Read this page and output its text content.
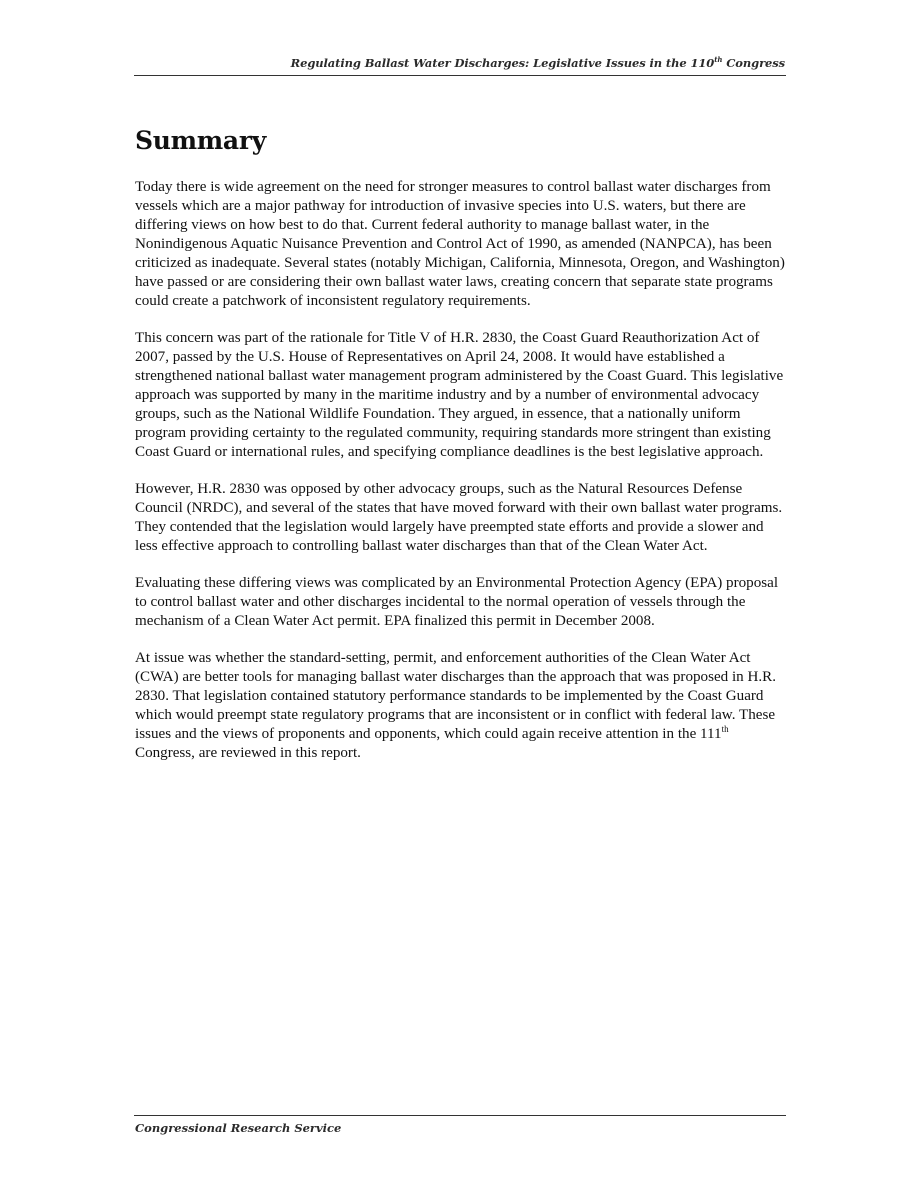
Regulating Ballast Water Discharges: Legislative Issues in the 110th Congress
Summary

Today there is wide agreement on the need for stronger measures to control ballast water discharges from vessels which are a major pathway for introduction of invasive species into U.S. waters, but there are differing views on how best to do that. Current federal authority to manage ballast water, in the Nonindigenous Aquatic Nuisance Prevention and Control Act of 1990, as amended (NANPCA), has been criticized as inadequate. Several states (notably Michigan, California, Minnesota, Oregon, and Washington) have passed or are considering their own ballast water laws, creating concern that separate state programs could create a patchwork of inconsistent regulatory requirements.

This concern was part of the rationale for Title V of H.R. 2830, the Coast Guard Reauthorization Act of 2007, passed by the U.S. House of Representatives on April 24, 2008. It would have established a strengthened national ballast water management program administered by the Coast Guard. This legislative approach was supported by many in the maritime industry and by a number of environmental advocacy groups, such as the National Wildlife Foundation. They argued, in essence, that a nationally uniform program providing certainty to the regulated community, requiring standards more stringent than existing Coast Guard or international rules, and specifying compliance deadlines is the best legislative approach.

However, H.R. 2830 was opposed by other advocacy groups, such as the Natural Resources Defense Council (NRDC), and several of the states that have moved forward with their own ballast water programs. They contended that the legislation would largely have preempted state efforts and provide a slower and less effective approach to controlling ballast water discharges than that of the Clean Water Act.

Evaluating these differing views was complicated by an Environmental Protection Agency (EPA) proposal to control ballast water and other discharges incidental to the normal operation of vessels through the mechanism of a Clean Water Act permit. EPA finalized this permit in December 2008.

At issue was whether the standard-setting, permit, and enforcement authorities of the Clean Water Act (CWA) are better tools for managing ballast water discharges than the approach that was proposed in H.R. 2830. That legislation contained statutory performance standards to be implemented by the Coast Guard which would preempt state regulatory programs that are inconsistent or in conflict with federal law. These issues and the views of proponents and opponents, which could again receive attention in the 111th Congress, are reviewed in this report.

Congressional Research Service
